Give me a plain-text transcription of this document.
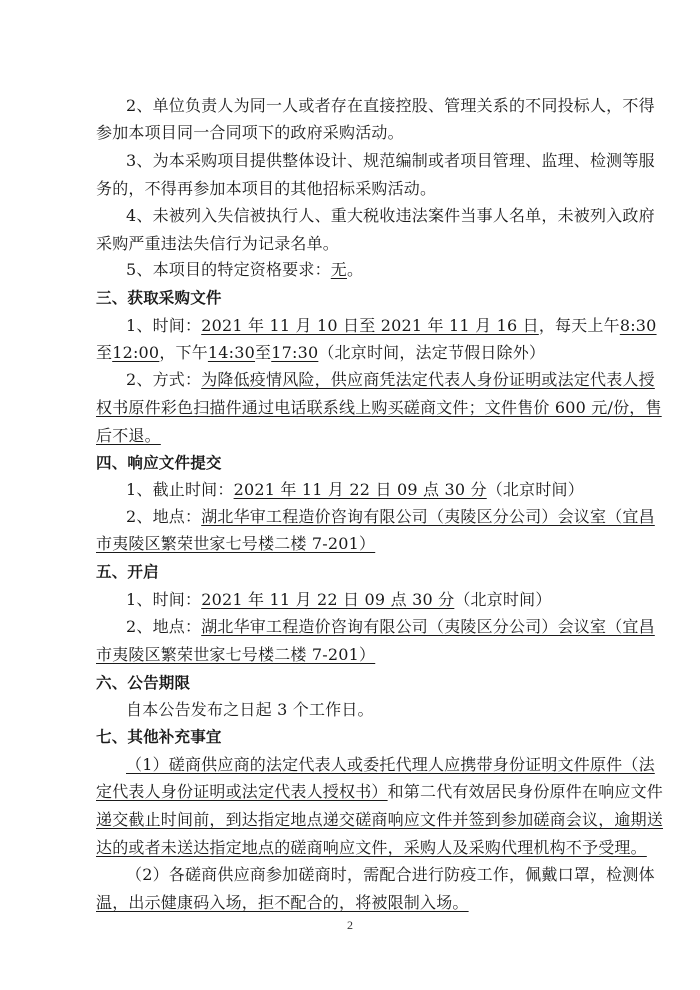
2、单位负责人为同一人或者存在直接控股、管理关系的不同投标人，不得
参加本项目同一合同项下的政府采购活动。
3、为本采购项目提供整体设计、规范编制或者项目管理、监理、检测等服
务的，不得再参加本项目的其他招标采购活动。
4、未被列入失信被执行人、重大税收违法案件当事人名单，未被列入政府
采购严重违法失信行为记录名单。
5、本项目的特定资格要求：无。
三、获取采购文件
1、时间：2021 年 11 月 10 日至 2021 年 11 月 16 日，每天上午8:30
至12:00，下午14:30至17:30（北京时间，法定节假日除外）
2、方式：为降低疫情风险，供应商凭法定代表人身份证明或法定代表人授
权书原件彩色扫描件通过电话联系线上购买磋商文件；文件售价 600 元/份，售
后不退。
四、响应文件提交
1、截止时间：2021 年 11 月 22 日 09 点 30 分（北京时间）
2、地点：湖北华审工程造价咨询有限公司（夷陵区分公司）会议室（宜昌
市夷陵区繁荣世家七号楼二楼 7-201）
五、开启
1、时间：2021 年 11 月 22 日 09 点 30 分（北京时间）
2、地点：湖北华审工程造价咨询有限公司（夷陵区分公司）会议室（宜昌
市夷陵区繁荣世家七号楼二楼 7-201）
六、公告期限
自本公告发布之日起 3 个工作日。
七、其他补充事宜
（1）磋商供应商的法定代表人或委托代理人应携带身份证明文件原件（法
定代表人身份证明或法定代表人授权书）和第二代有效居民身份原件在响应文件
递交截止时间前，到达指定地点递交磋商响应文件并签到参加磋商会议，逾期送
达的或者未送达指定地点的磋商响应文件，采购人及采购代理机构不予受理。
（2）各磋商供应商参加磋商时，需配合进行防疫工作，佩戴口罩，检测体
温，出示健康码入场，拒不配合的，将被限制入场。
2
